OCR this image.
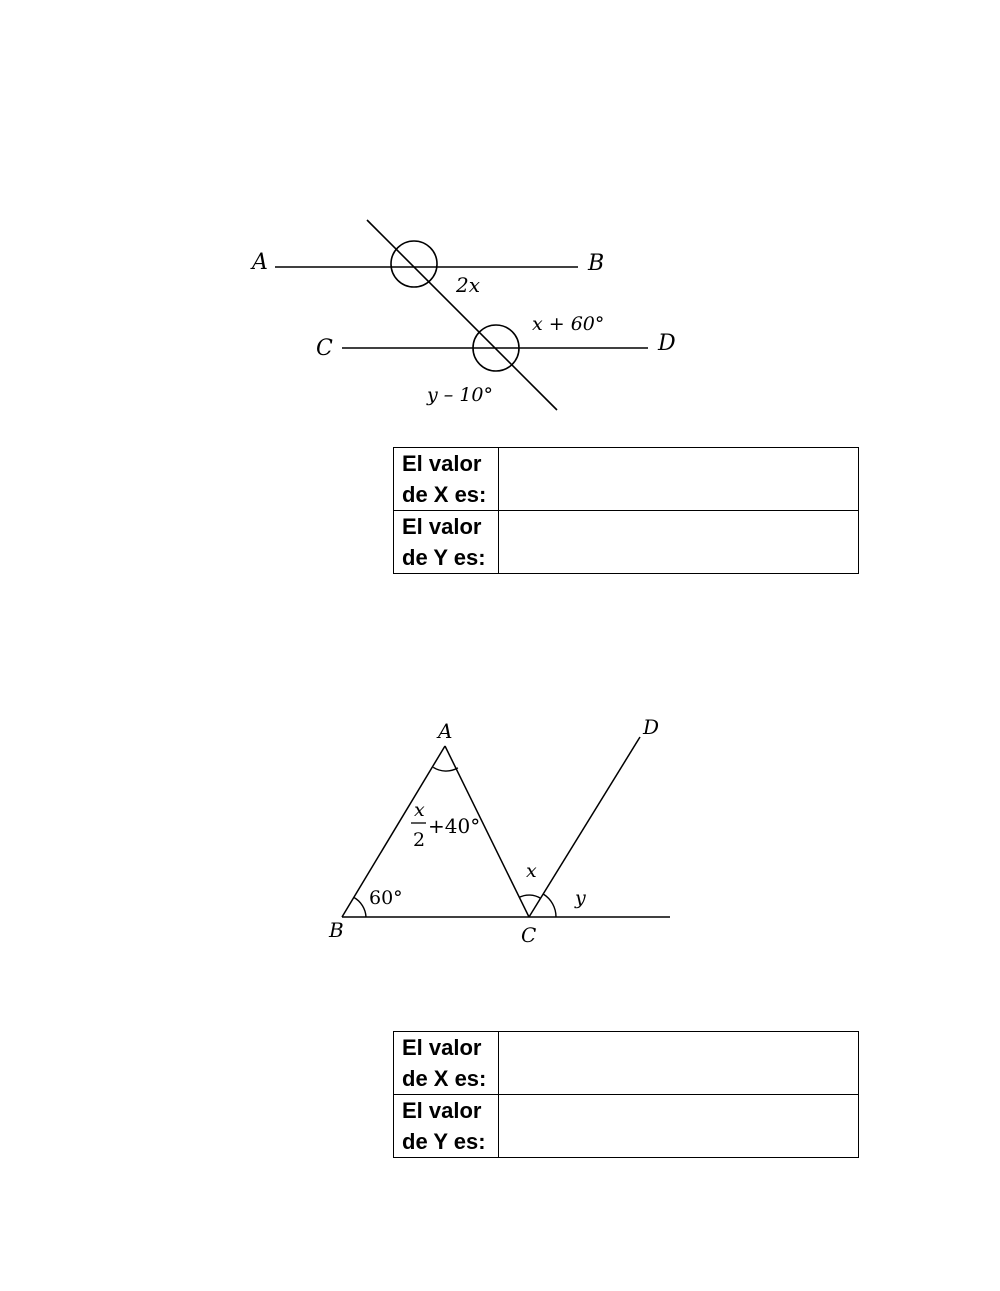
A	B
C	D
2x
x + 60°
y – 10°
El valor
de X es:

El valor
de Y es:

A
B	C
D
x
2
+40°
60°
x
y
El valor
de X es:

El valor
de Y es:
